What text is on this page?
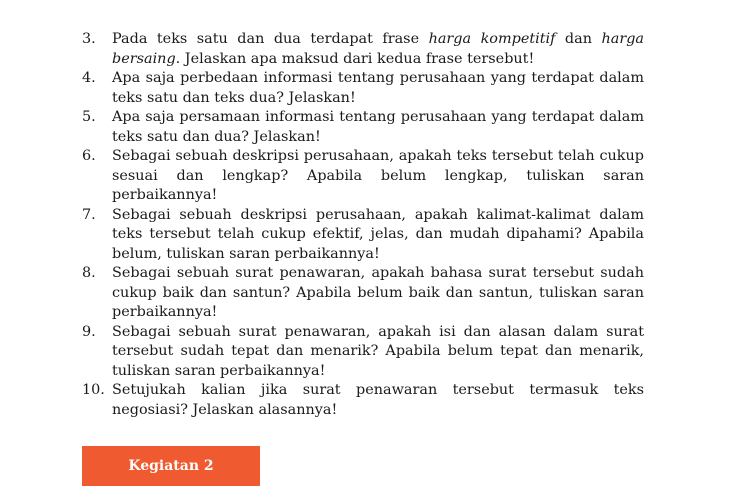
3.	Pada teks satu dan dua terdapat frase harga kompetitif dan harga bersaing. Jelaskan apa maksud dari kedua frase tersebut!
4.	Apa saja perbedaan informasi tentang perusahaan yang terdapat dalam teks satu dan teks dua? Jelaskan!
5.	Apa saja persamaan informasi tentang perusahaan yang terdapat dalam teks satu dan dua? Jelaskan!
6.	Sebagai sebuah deskripsi perusahaan, apakah teks tersebut telah cukup sesuai dan lengkap? Apabila belum lengkap, tuliskan saran perbaikannya!
7.	Sebagai sebuah deskripsi perusahaan, apakah kalimat-kalimat dalam teks tersebut telah cukup efektif, jelas, dan mudah dipahami? Apabila belum, tuliskan saran perbaikannya!
8.	Sebagai sebuah surat penawaran, apakah bahasa surat tersebut sudah cukup baik dan santun? Apabila belum baik dan santun, tuliskan saran perbaikannya!
9.	Sebagai sebuah surat penawaran, apakah isi dan alasan dalam surat tersebut sudah tepat dan menarik? Apabila belum tepat dan menarik, tuliskan saran perbaikannya!
10. Setujukah kalian jika surat penawaran tersebut termasuk teks negosiasi? Jelaskan alasannya!
Kegiatan 2
